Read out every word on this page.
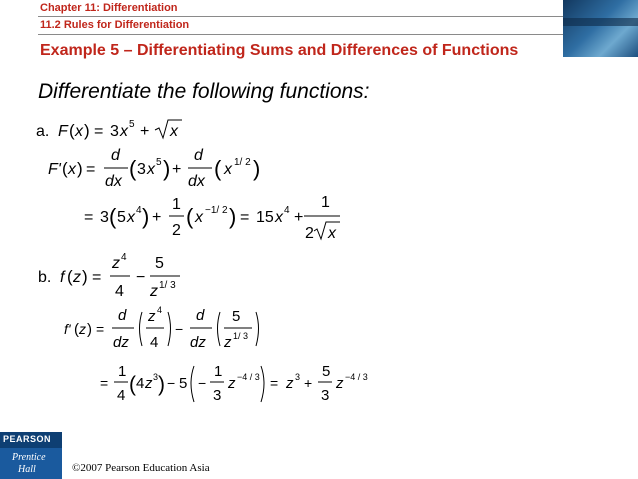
Chapter 11: Differentiation
11.2 Rules for Differentiation
Example 5 – Differentiating Sums and Differences of Functions
Differentiate the following functions:
a. F ( x ) = 3 x 5 + x
F' ( x ) =
d
dx
( 3 x 5 ) +
d
dx
( x 1/ 2 )
= 3 ( 5 x 4 ) +
1
2
( x −1/ 2 ) = 15 x 4 +
1
2 x
b. f ( z ) =
z 4
4
−
5
z 1/ 3
f' ( z ) =
d
dz
z 4
4
−
d
dz
5
z 1/ 3
=
1
4 ( 4 z 3 ) − 5 −
1
3
z −4 / 3 = z 3 +
5
3
z −4 / 3
PEARSON
Prentice
Hall	©2007 Pearson Education Asia
